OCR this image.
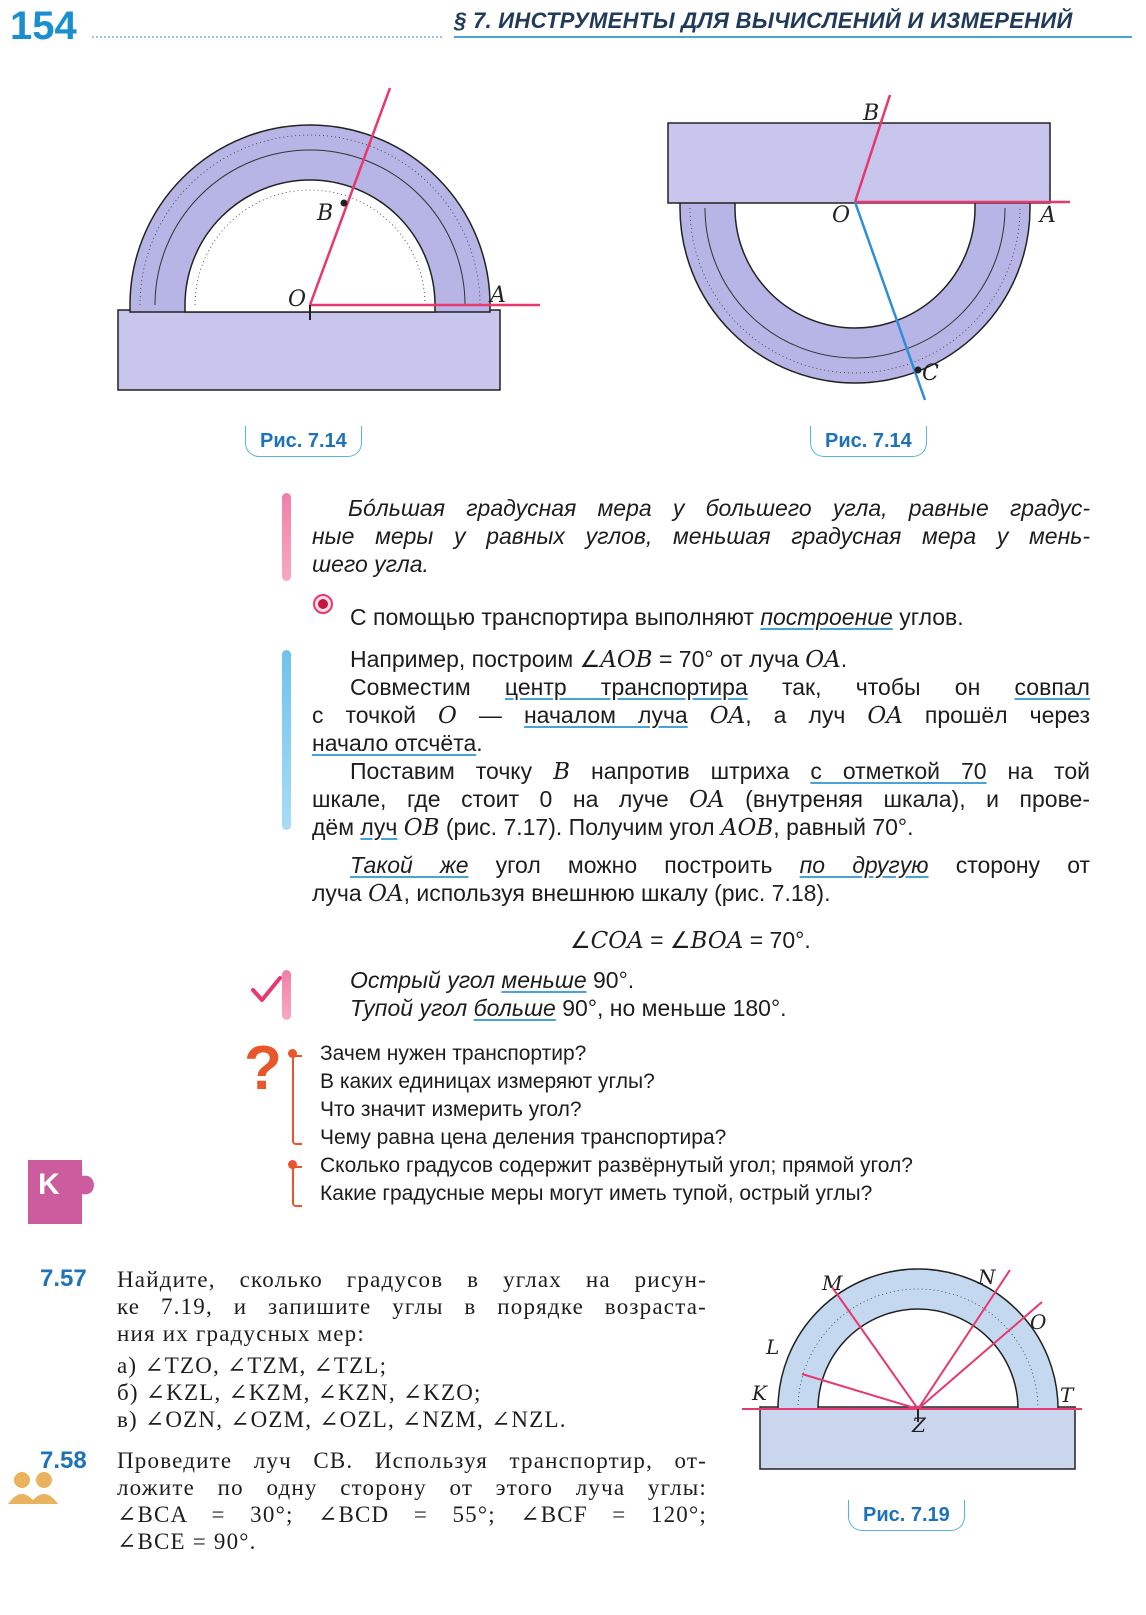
154	§ 7. ИНСТРУМЕНТЫ ДЛЯ ВЫЧИСЛЕНИЙ И ИЗМЕРЕНИЙ
O	A
B
Рис. 7.14
O	A
B
C
Рис. 7.14
Бóльшая градусная мера у большего угла, равные градус-
ные меры у равных углов, меньшая градусная мера у мень-
шего угла.
С помощью транспортира выполняют построение углов.
Например, построим ∠AOB = 70° от луча OA.
Совместим центр транспортира так, чтобы он совпал
с точкой O — началом луча OA, а луч OA прошёл через
начало отсчёта.
Поставим точку B напротив штриха с отметкой 70 на той
шкале, где стоит 0 на луче OA (внутреняя шкала), и прове-
дём луч OB (рис. 7.17). Получим угол AOB, равный 70°.
Такой же угол можно построить по другую сторону от
луча OA, используя внешнюю шкалу (рис. 7.18).
∠COA = ∠BOA = 70°.
Острый угол меньше 90°.
Тупой угол больше 90°, но меньше 180°.
? Зачем нужен транспортир?
В каких единицах измеряют углы?
Что значит измерить угол?
Чему равна цена деления транспортира?
Сколько градусов содержит развёрнутый угол; прямой угол?
Какие градусные меры могут иметь тупой, острый углы?
K
7.57 Найдите, сколько градусов в углах на рисун-
ке 7.19, и запишите углы в порядке возраста-
ния их градусных мер:
а) ∠TZO, ∠TZM, ∠TZL;
б) ∠KZL, ∠KZM, ∠KZN, ∠KZO;
в) ∠OZN, ∠OZM, ∠OZL, ∠NZM, ∠NZL.
7.58 Проведите луч CB. Используя транспортир, от-
ложите по одну сторону от этого луча углы:
∠BCA = 30°; ∠BCD = 55°; ∠BCF = 120°;
∠BCE = 90°.
K
L
M	N
O
T
Z
Рис. 7.19
